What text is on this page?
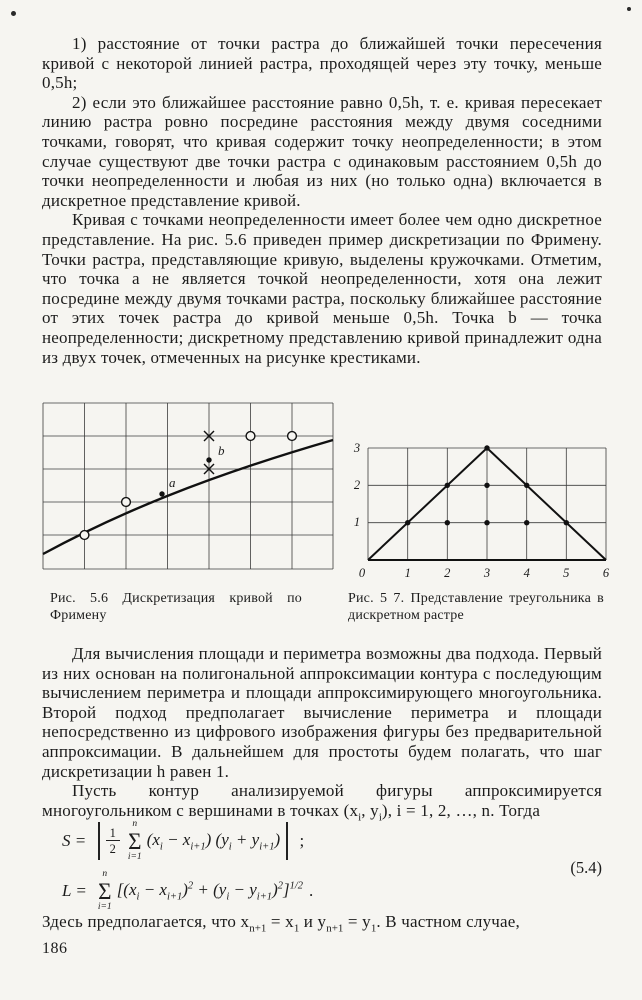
1) расстояние от точки растра до ближайшей точки пересечения кривой с некоторой линией растра, проходящей через эту точку, меньше 0,5h;

2) если это ближайшее расстояние равно 0,5h, т. е. кривая пересекает линию растра ровно посредине расстояния между двумя соседними точками, говорят, что кривая содержит точку неопределенности; в этом случае существуют две точки растра с одинаковым расстоянием 0,5h до точки неопределенности и любая из них (но только одна) включается в дискретное представление кривой.

Кривая с точками неопределенности имеет более чем одно дискретное представление. На рис. 5.6 приведен пример дискретизации по Фримену. Точки растра, представляющие кривую, выделены кружочками. Отметим, что точка a не является точкой неопределенности, хотя она лежит посредине между двумя точками растра, поскольку ближайшее расстояние от этих точек растра до кривой меньше 0,5h. Точка b — точка неопределенности; дискретному представлению кривой принадлежит одна из двух точек, отмеченных на рисунке крестиками.

a
b
0	1	2	3	4	5	6
1
2
3

Рис. 5.6 Дискретизация кривой по Фримену

Рис. 5 7. Представление треугольника в дискретном растре

Для вычисления площади и периметра возможны два подхода. Первый из них основан на полигональной аппроксимации контура с последующим вычислением периметра и площади аппроксимирующего многоугольника. Второй подход предполагает вычисление периметра и площади непосредственно из цифрового изображения фигуры без предварительной аппроксимации. В дальнейшем для простоты будем полагать, что шаг дискретизации h равен 1.

Пусть контур анализируемой фигуры аппроксимируется многоугольником с вершинами в точках ($x_i$, $y_i$), i = 1, 2, …, n. Тогда

$S = \frac{1}{2}$
n
Σ
i=1
$(x_i - x_{i+1}) (y_i + y_{i+1})$ ;
L =
n
Σ
i=1
$[(x_i - x_{i+1})^2 + (y_i - y_{i+1})^2]^{1/2}$ .
(5.4)

Здесь предполагается, что $x_{n+1} = x_1$ и $y_{n+1} = y_1$. В частном случае,

186
